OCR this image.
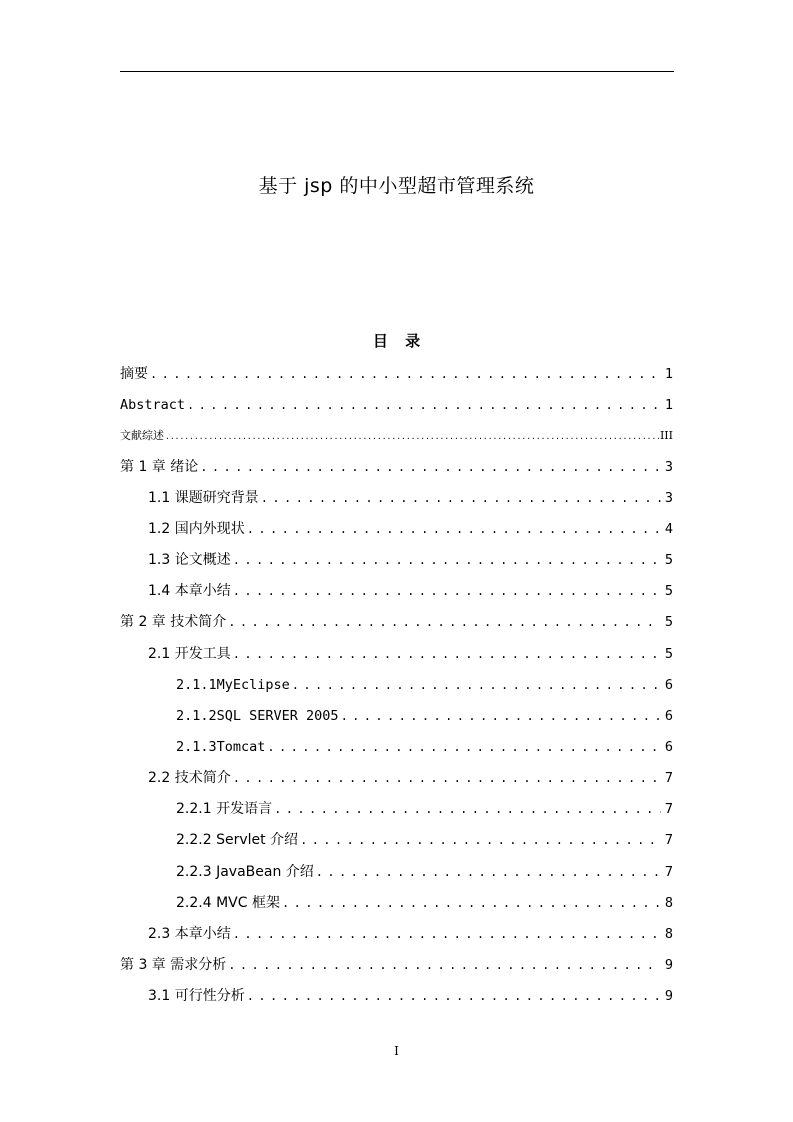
基于 jsp 的中小型超市管理系统
目 录
摘要 .....	1
Abstract .....	1
文献综述 .....	III
第 1 章 绪论 .....	3
1.1 课题研究背景 .....	3
1.2 国内外现状 .....	4
1.3 论文概述 .....	5
1.4 本章小结 .....	5
第 2 章 技术简介 .....	5
2.1 开发工具 .....	5
2.1.1MyEclipse .....	6
2.1.2SQL SERVER 2005 .....	6
2.1.3Tomcat .....	6
2.2 技术简介 .....	7
2.2.1 开发语言 .....	7
2.2.2 Servlet 介绍 .....	7
2.2.3 JavaBean 介绍 .....	7
2.2.4 MVC 框架 .....	8
2.3 本章小结 .....	8
第 3 章 需求分析 .....	9
3.1 可行性分析 .....	9
I
